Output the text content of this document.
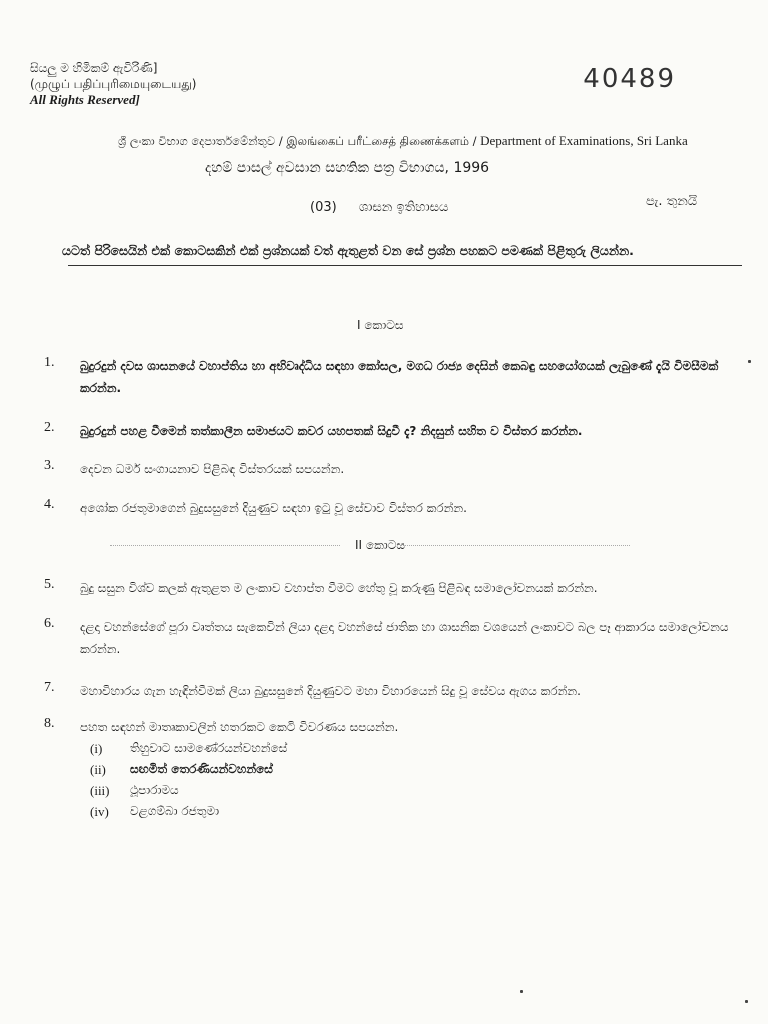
සියලු ම හිමිකම් ඇවිරිණි]
(முழுப் பதிப்புரிமையுடையது)
All Rights Reserved]
40489
ශ්‍රී ලංකා විභාග දෙපාර්තමේන්තුව / இலங்கைப் பரீட்சைத் திணைக்களம் / Department of Examinations, Sri Lanka
දහම් පාසල් අවසාන සහතික පත්‍ර විභාගය, 1996
(03) ශාසන ඉතිහාසය	පැ. තුනයි
යටත් පිරිසෙයින් එක් කොටසකින් එක් ප්‍රශ්නයක් වත් ඇතුළත් වන සේ ප්‍රශ්න පහකට පමණක් පිළිතුරු ලියන්න.
I කොටස
1. බුදුරදුන් දවස ශාසනයේ වහාප්තිය හා අභිවෘද්ධිය සඳහා කෝසල, මගධ රාජ්‍ය දෙසින් කෙබඳු සහයෝගයක් ලැබුණේ දැයි විමසීමක් කරන්න.
2. බුදුරදුන් පහළ වීමෙන් තත්කාලීන සමාජයට කවර යහපතක් සිදුවී දැ? නිදසුන් සහිත ව විස්තර කරන්න.
3. දෙවන ධර්ම සංගායනාව පිළිබඳ විස්තරයක් සපයන්න.
4. අශෝක රජතුමාගෙන් බුදුසසුනේ දියුණුව සඳහා ඉටු වූ සේවාව විස්තර කරන්න.
II කොටස
5. බුදු සසුන විශ්ව කලක් ඇතුළත ම ලංකාව වහාප්ත වීමට හේතු වූ කරුණු පිළිබඳ සමාලෝචනයක් කරන්න.
6. දළදා වහන්සේගේ පූරා වෘත්තය සැකෙවින් ලියා දළදා වහන්සේ ජාතික හා ශාසනික වශයෙන් ලංකාවට බල පෑ ආකාරය සමාලෝචනය කරන්න.
7. මහාවිහාරය ගැන හැඳින්වීමක් ලියා බුදුසසුනේ දියුණුවට මහා විහාරයෙන් සිදු වූ සේවය ඇගය කරන්න.
8. පහත සඳහන් මාතෘකාවලින් හතරකට කෙටි විවරණය සපයන්න.
(i)	තිහුවාට සාමණේරයන්වහන්සේ
(ii)	සඟමිත් තෙරණියන්වහන්සේ
(iii)	ථූපාරාමය
(iv)	වළගම්බා රජතුමා
